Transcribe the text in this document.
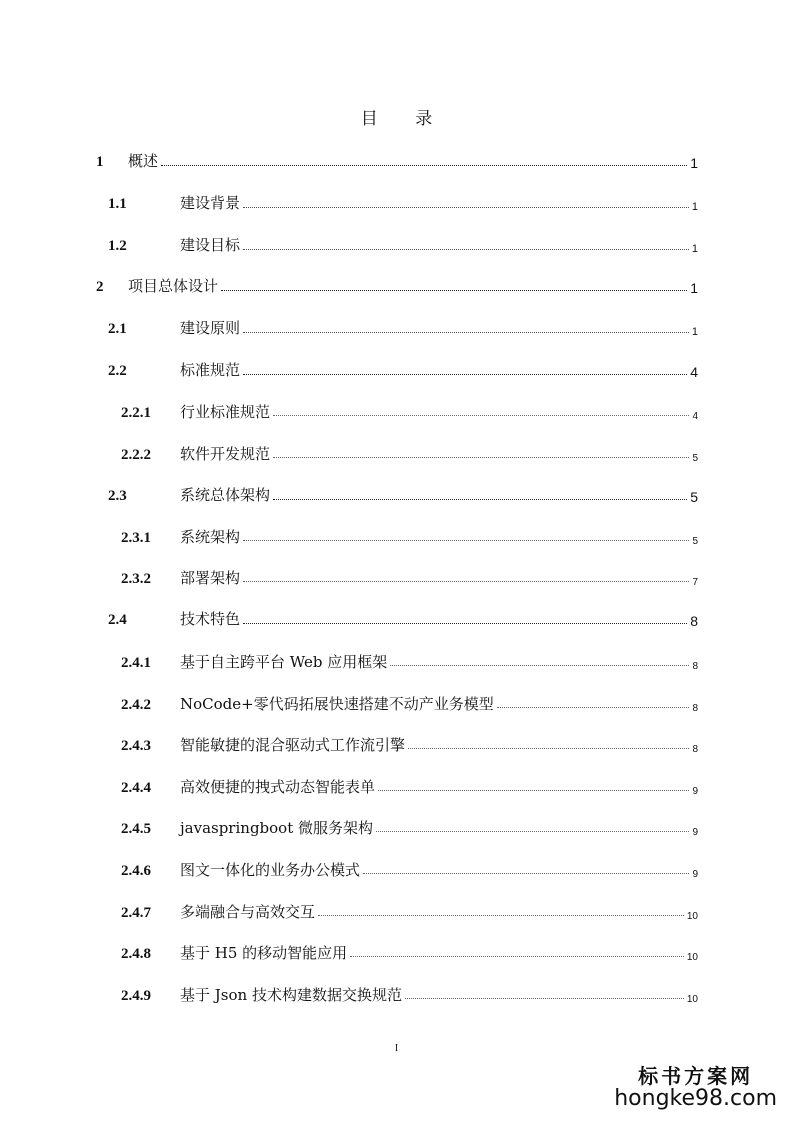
目 录
1	概述	1
1.1	建设背景	1
1.2	建设目标	1
2	项目总体设计	1
2.1	建设原则	1
2.2	标准规范	4
2.2.1	行业标准规范	4
2.2.2	软件开发规范	5
2.3	系统总体架构	5
2.3.1	系统架构	5
2.3.2	部署架构	7
2.4	技术特色	8
2.4.1	基于自主跨平台 Web 应用框架	8
2.4.2	NoCode+零代码拓展快速搭建不动产业务模型	8
2.4.3	智能敏捷的混合驱动式工作流引擎	8
2.4.4	高效便捷的拽式动态智能表单	9
2.4.5	javaspringboot 微服务架构	9
2.4.6	图文一体化的业务办公模式	9
2.4.7	多端融合与高效交互	10
2.4.8	基于 H5 的移动智能应用	10
2.4.9	基于 Json 技术构建数据交换规范	10
I
标书方案网
hongke98.com
